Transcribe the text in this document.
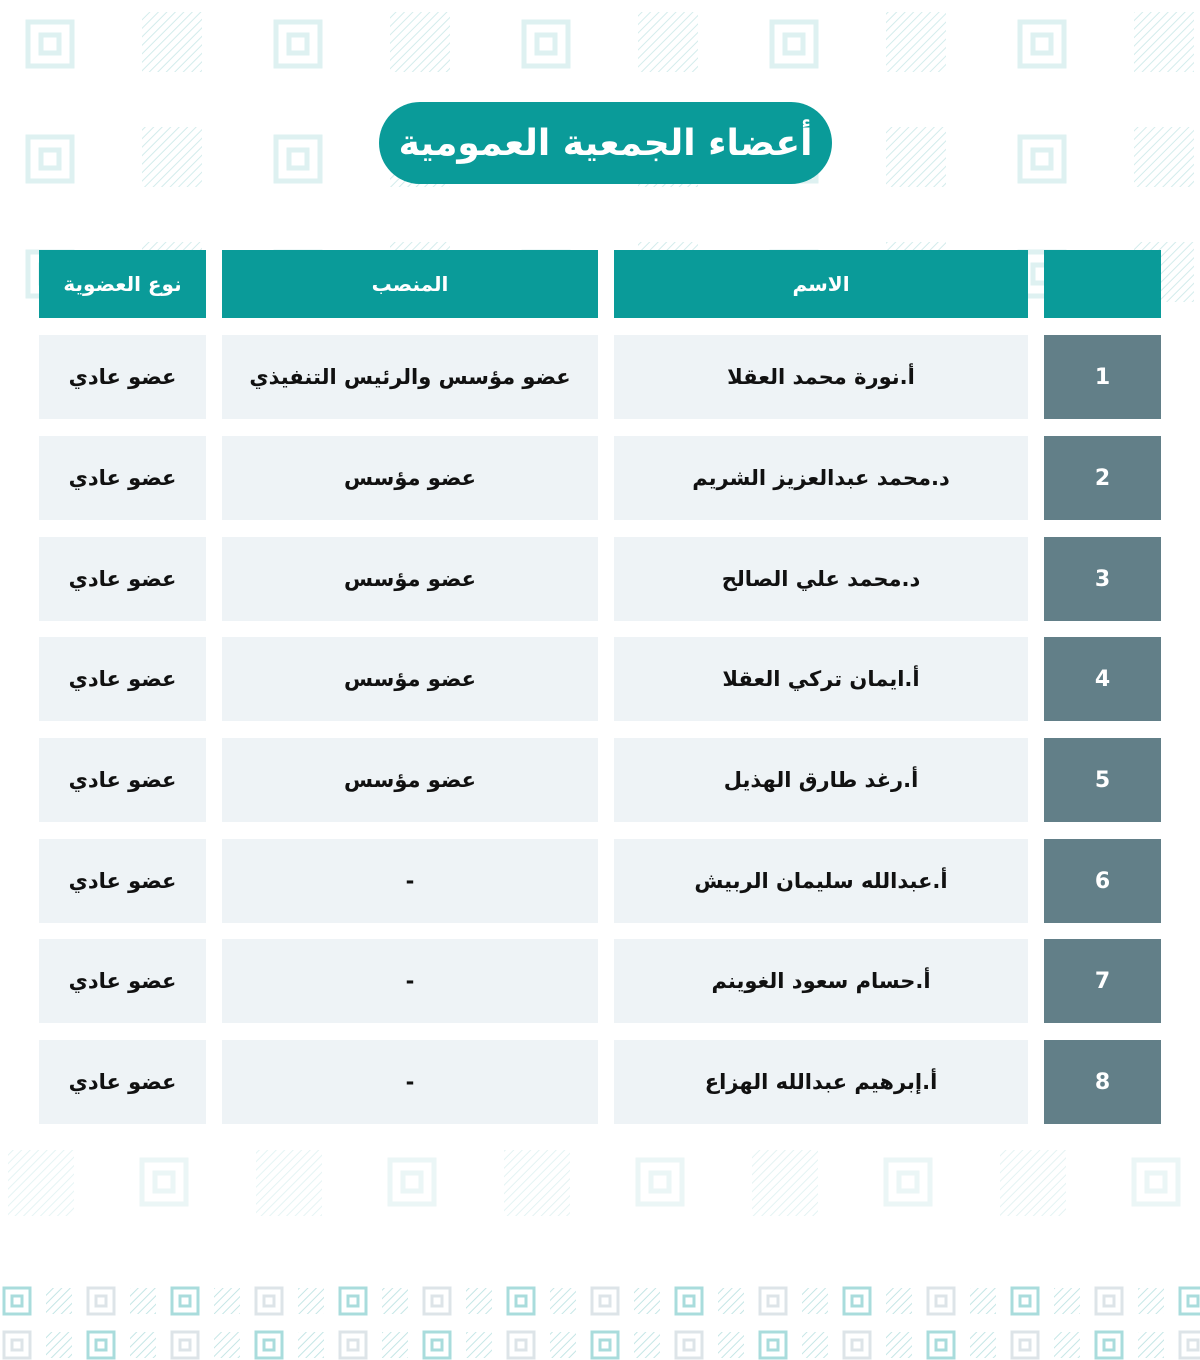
أعضاء الجمعية العمومية
الاسم
المنصب
نوع العضوية
1
أ.نورة محمد العقلا
عضو مؤسس والرئيس التنفيذي
عضو عادي
2
د.محمد عبدالعزيز الشريم
عضو مؤسس
عضو عادي
3
د.محمد علي الصالح
عضو مؤسس
عضو عادي
4
أ.ايمان تركي العقلا
عضو مؤسس
عضو عادي
5
أ.رغد طارق الهذيل
عضو مؤسس
عضو عادي
6
أ.عبدالله سليمان الربيش
-
عضو عادي
7
أ.حسام سعود الغوينم
-
عضو عادي
8
أ.إبرهيم عبدالله الهزاع
-
عضو عادي
